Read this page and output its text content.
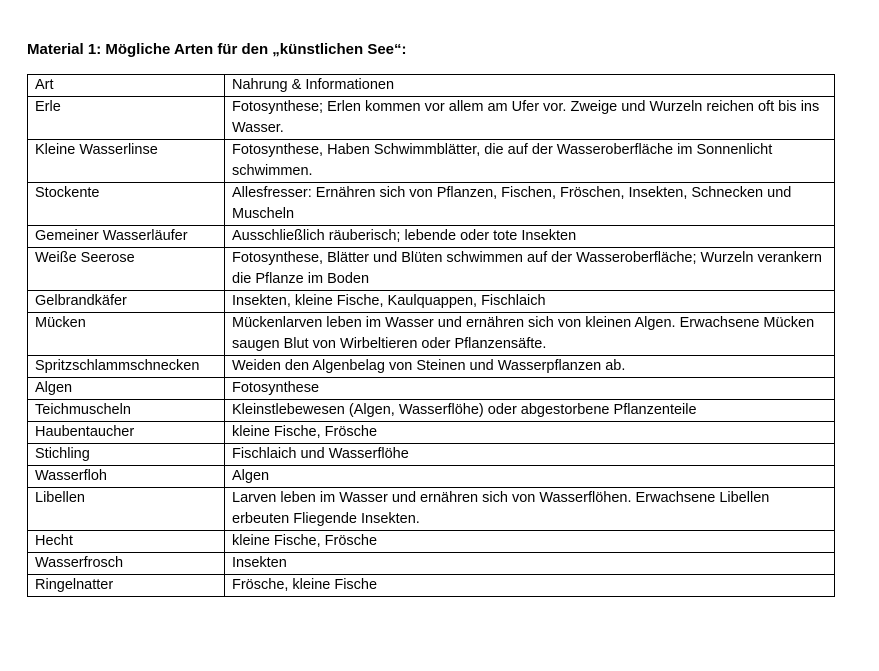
Material 1: Mögliche Arten für den „künstlichen See“:
Art	Nahrung & Informationen
Erle	Fotosynthese; Erlen kommen vor allem am Ufer vor. Zweige und Wurzeln reichen oft bis ins Wasser.
Kleine Wasserlinse	Fotosynthese, Haben Schwimmblätter, die auf der Wasseroberfläche im Sonnenlicht schwimmen.
Stockente	Allesfresser: Ernähren sich von Pflanzen, Fischen, Fröschen, Insekten, Schnecken und Muscheln
Gemeiner Wasserläufer	Ausschließlich räuberisch; lebende oder tote Insekten
Weiße Seerose	Fotosynthese, Blätter und Blüten schwimmen auf der Wasseroberfläche; Wurzeln verankern die Pflanze im Boden
Gelbrandkäfer	Insekten, kleine Fische, Kaulquappen, Fischlaich
Mücken	Mückenlarven leben im Wasser und ernähren sich von kleinen Algen. Erwachsene Mücken saugen Blut von Wirbeltieren oder Pflanzensäfte.
Spritzschlammschnecken	Weiden den Algenbelag von Steinen und Wasserpflanzen ab.
Algen	Fotosynthese
Teichmuscheln	Kleinstlebewesen (Algen, Wasserflöhe) oder abgestorbene Pflanzenteile
Haubentaucher	kleine Fische, Frösche
Stichling	Fischlaich und Wasserflöhe
Wasserfloh	Algen
Libellen	Larven leben im Wasser und ernähren sich von Wasserflöhen. Erwachsene Libellen erbeuten Fliegende Insekten.
Hecht	kleine Fische, Frösche
Wasserfrosch	Insekten
Ringelnatter	Frösche, kleine Fische
